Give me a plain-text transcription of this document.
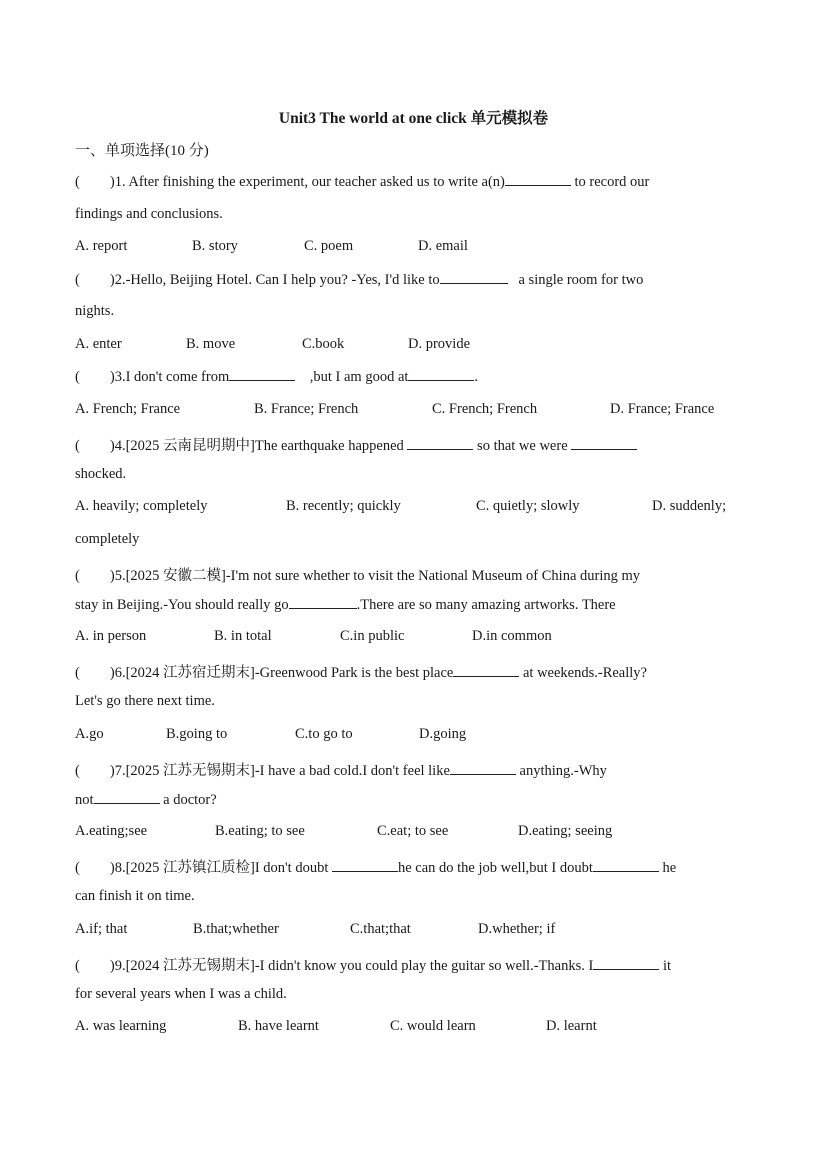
Unit3 The world at one click 单元模拟卷
一、单项选择(10 分)
( )1. After finishing the experiment, our teacher asked us to write a(n)	to record our
findings and conclusions.
A. report	B. story	C. poem	D. email
( )2.-Hello, Beijing Hotel. Can I help you? -Yes, I'd like to	a single room for two
nights.
A. enter	B. move	C.book	D. provide
( )3.I don't come from	,but I am good at	.
A. French; France	B. France; French	C. French; French	D. France; France
( )4.[2025 云南昆明期中]The earthquake happened	so that we were
shocked.
A. heavily; completely	B. recently; quickly	C. quietly; slowly	D. suddenly;
completely
( )5.[2025 安徽二模]-I'm not sure whether to visit the National Museum of China during my
stay in Beijing.-You should really go	.There are so many amazing artworks. There
A. in person	B. in total	C.in public	D.in common
( )6.[2024 江苏宿迁期末]-Greenwood Park is the best place	at weekends.-Really?
Let's go there next time.
A.go	B.going to	C.to go to	D.going
( )7.[2025 江苏无锡期末]-I have a bad cold.I don't feel like	anything.-Why
not	a doctor?
A.eating;see	B.eating; to see	C.eat; to see	D.eating; seeing
( )8.[2025 江苏镇江质检]I don't doubt	he can do the job well,but I doubt	he
can finish it on time.
A.if; that	B.that;whether	C.that;that	D.whether; if
( )9.[2024 江苏无锡期末]-I didn't know you could play the guitar so well.-Thanks. I	it
for several years when I was a child.
A. was learning	B. have learnt	C. would learn	D. learnt
